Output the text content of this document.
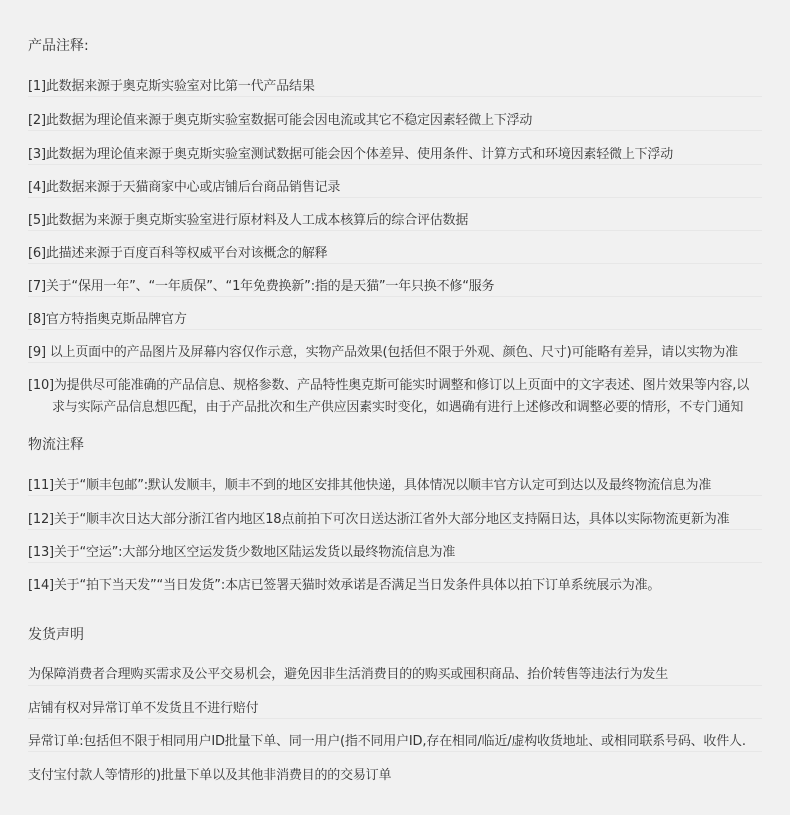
产品注释:
[1]此数据来源于奥克斯实验室对比第一代产品结果
[2]此数据为理论值来源于奥克斯实验室数据可能会因电流或其它不稳定因素轻微上下浮动
[3]此数据为理论值来源于奥克斯实验室测试数据可能会因个体差异、使用条件、计算方式和环境因素轻微上下浮动
[4]此数据来源于天猫商家中心或店铺后台商品销售记录
[5]此数据为来源于奥克斯实验室进行原材料及人工成本核算后的综合评估数据
[6]此描述来源于百度百科等权威平台对该概念的解释
[7]关于“保用一年”、“一年质保”、“1年免费换新”:指的是天猫”一年只换不修“服务
[8]官方特指奥克斯品牌官方
[9] 以上页面中的产品图片及屏幕内容仅作示意，实物产品效果(包括但不限于外观、颜色、尺寸)可能略有差异，请以实物为准
[10]为提供尽可能准确的产品信息、规格参数、产品特性奥克斯可能实时调整和修订以上页面中的文字表述、图片效果等内容,以
求与实际产品信息想匹配，由于产品批次和生产供应因素实时变化，如遇确有进行上述修改和调整必要的情形，不专门通知
物流注释
[11]关于“顺丰包邮”:默认发顺丰，顺丰不到的地区安排其他快递，具体情况以顺丰官方认定可到达以及最终物流信息为准
[12]关于“顺丰次日达大部分浙江省内地区18点前拍下可次日送达浙江省外大部分地区支持隔日达，具体以实际物流更新为准
[13]关于“空运”:大部分地区空运发货少数地区陆运发货以最终物流信息为准
[14]关于“拍下当天发”“当日发货”:本店已签署天猫时效承诺是否满足当日发条件具体以拍下订单系统展示为准。
发货声明
为保障消费者合理购买需求及公平交易机会，避免因非生活消费目的的购买或囤积商品、抬价转售等违法行为发生
店铺有权对异常订单不发货且不进行赔付
异常订单:包括但不限于相同用户ID批量下单、同一用户(指不同用户ID,存在相同/临近/虚构收货地址、或相同联系号码、收件人.
支付宝付款人等情形的)批量下单以及其他非消费目的的交易订单
